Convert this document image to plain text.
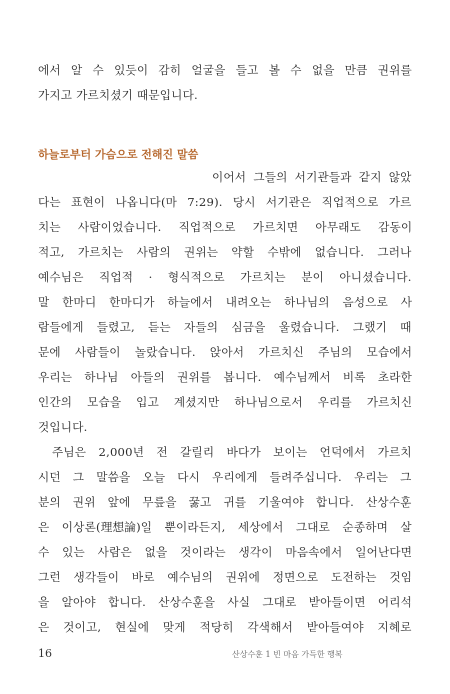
에서 알 수 있듯이 감히 얼굴을 들고 볼 수 없을 만큼 권위를
가지고 가르치셨기 때문입니다.
하늘로부터 가슴으로 전해진 말씀
이어서 그들의 서기관들과 같지 않았
다는 표현이 나옵니다(마 7:29). 당시 서기관은 직업적으로 가르
치는 사람이었습니다. 직업적으로 가르치면 아무래도 감동이
적고, 가르치는 사람의 권위는 약할 수밖에 없습니다. 그러나
예수님은 직업적 · 형식적으로 가르치는 분이 아니셨습니다.
말 한마디 한마디가 하늘에서 내려오는 하나님의 음성으로 사
람들에게 들렸고, 듣는 자들의 심금을 울렸습니다. 그랬기 때
문에 사람들이 놀랐습니다. 앉아서 가르치신 주님의 모습에서
우리는 하나님 아들의 권위를 봅니다. 예수님께서 비록 초라한
인간의 모습을 입고 계셨지만 하나님으로서 우리를 가르치신
것입니다.
주님은 2,000년 전 갈릴리 바다가 보이는 언덕에서 가르치
시던 그 말씀을 오늘 다시 우리에게 들려주십니다. 우리는 그
분의 권위 앞에 무릎을 꿇고 귀를 기울여야 합니다. 산상수훈
은 이상론(理想論)일 뿐이라든지, 세상에서 그대로 순종하며 살
수 있는 사람은 없을 것이라는 생각이 마음속에서 일어난다면
그런 생각들이 바로 예수님의 권위에 정면으로 도전하는 것임
을 알아야 합니다. 산상수훈을 사실 그대로 받아들이면 어리석
은 것이고, 현실에 맞게 적당히 각색해서 받아들여야 지혜로
16	산상수훈 1 빈 마음 가득한 행복
